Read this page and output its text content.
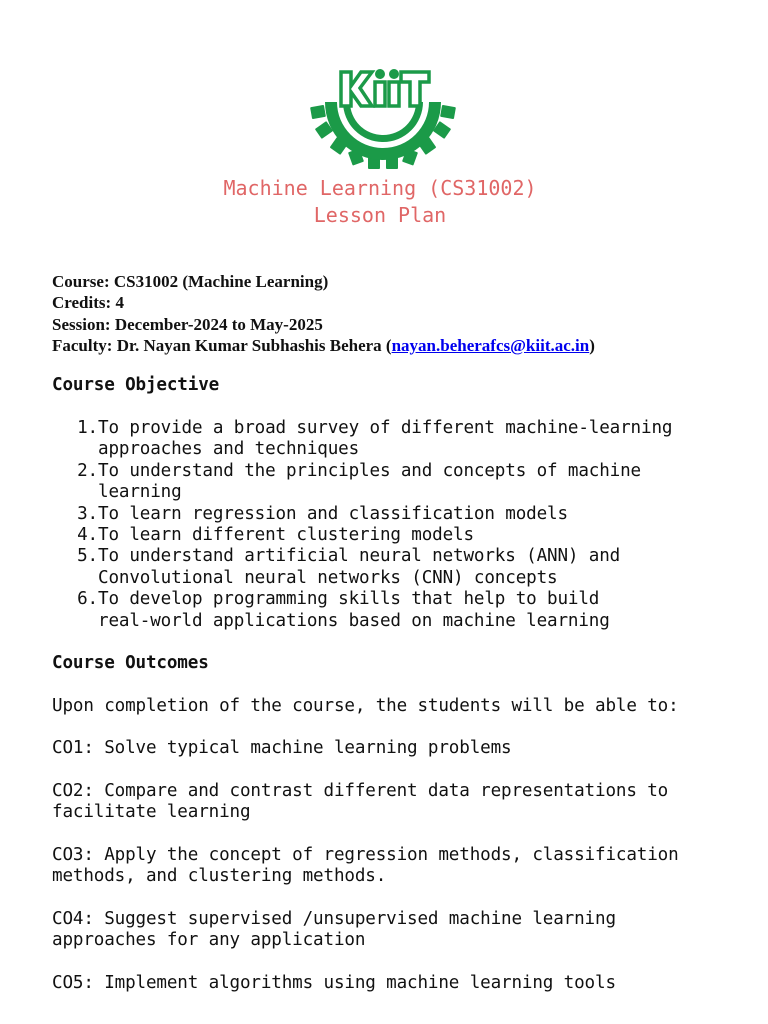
Machine Learning (CS31002)
Lesson Plan
Course: CS31002 (Machine Learning)
Credits: 4
Session: December-2024 to May-2025
Faculty: Dr. Nayan Kumar Subhashis Behera (nayan.beherafcs@kiit.ac.in)
Course Objective
1. To provide a broad survey of different machine-learning
approaches and techniques
2. To understand the principles and concepts of machine
learning
3. To learn regression and classification models
4. To learn different clustering models
5. To understand artificial neural networks (ANN) and
Convolutional neural networks (CNN) concepts
6. To develop programming skills that help to build
real-world applications based on machine learning
Course Outcomes
Upon completion of the course, the students will be able to:
CO1: Solve typical machine learning problems
CO2: Compare and contrast different data representations to
facilitate learning
CO3: Apply the concept of regression methods, classification
methods, and clustering methods.
CO4: Suggest supervised /unsupervised machine learning
approaches for any application
CO5: Implement algorithms using machine learning tools
